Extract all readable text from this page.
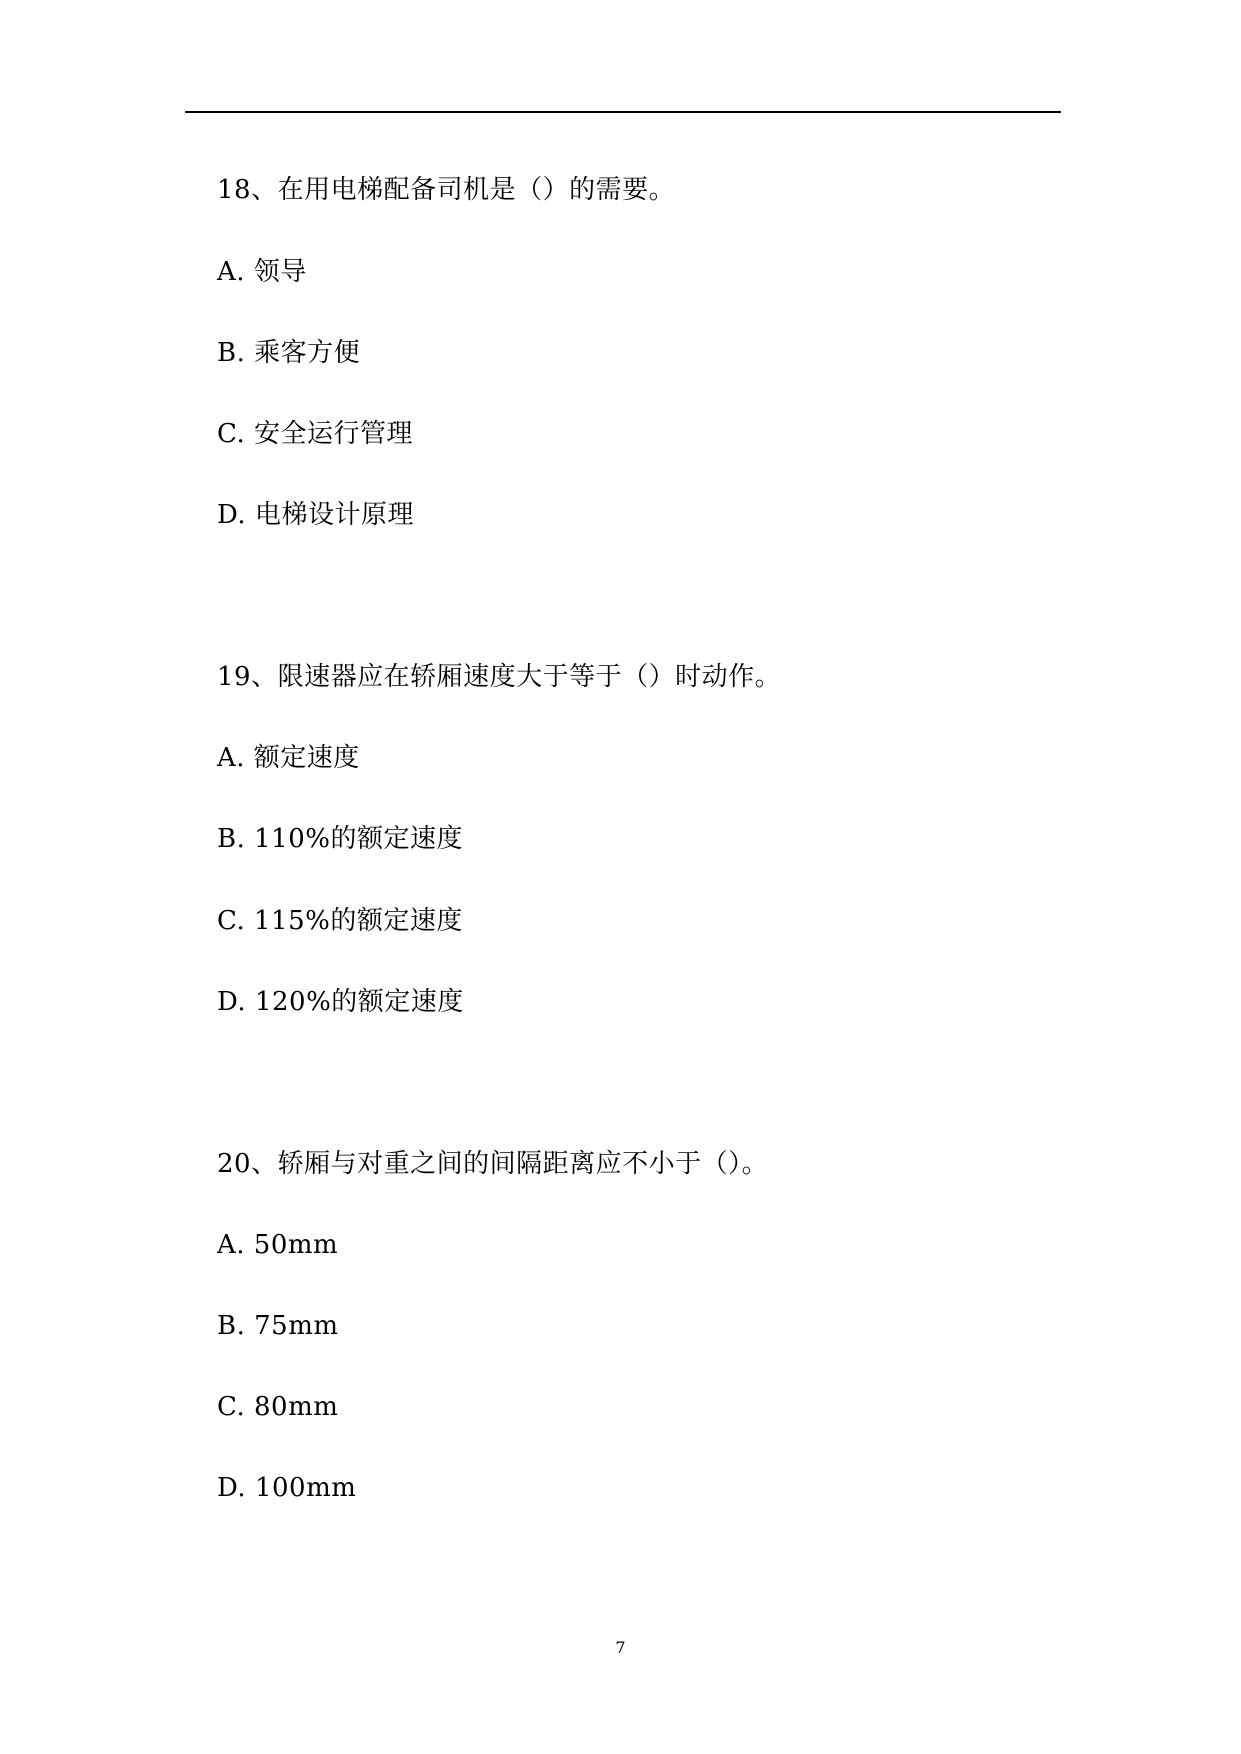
18、在用电梯配备司机是（）的需要。
A. 领导
B. 乘客方便
C. 安全运行管理
D. 电梯设计原理
19、限速器应在轿厢速度大于等于（）时动作。
A. 额定速度
B. 110%的额定速度
C. 115%的额定速度
D. 120%的额定速度
20、轿厢与对重之间的间隔距离应不小于（）。
A. 50mm
B. 75mm
C. 80mm
D. 100mm
7
